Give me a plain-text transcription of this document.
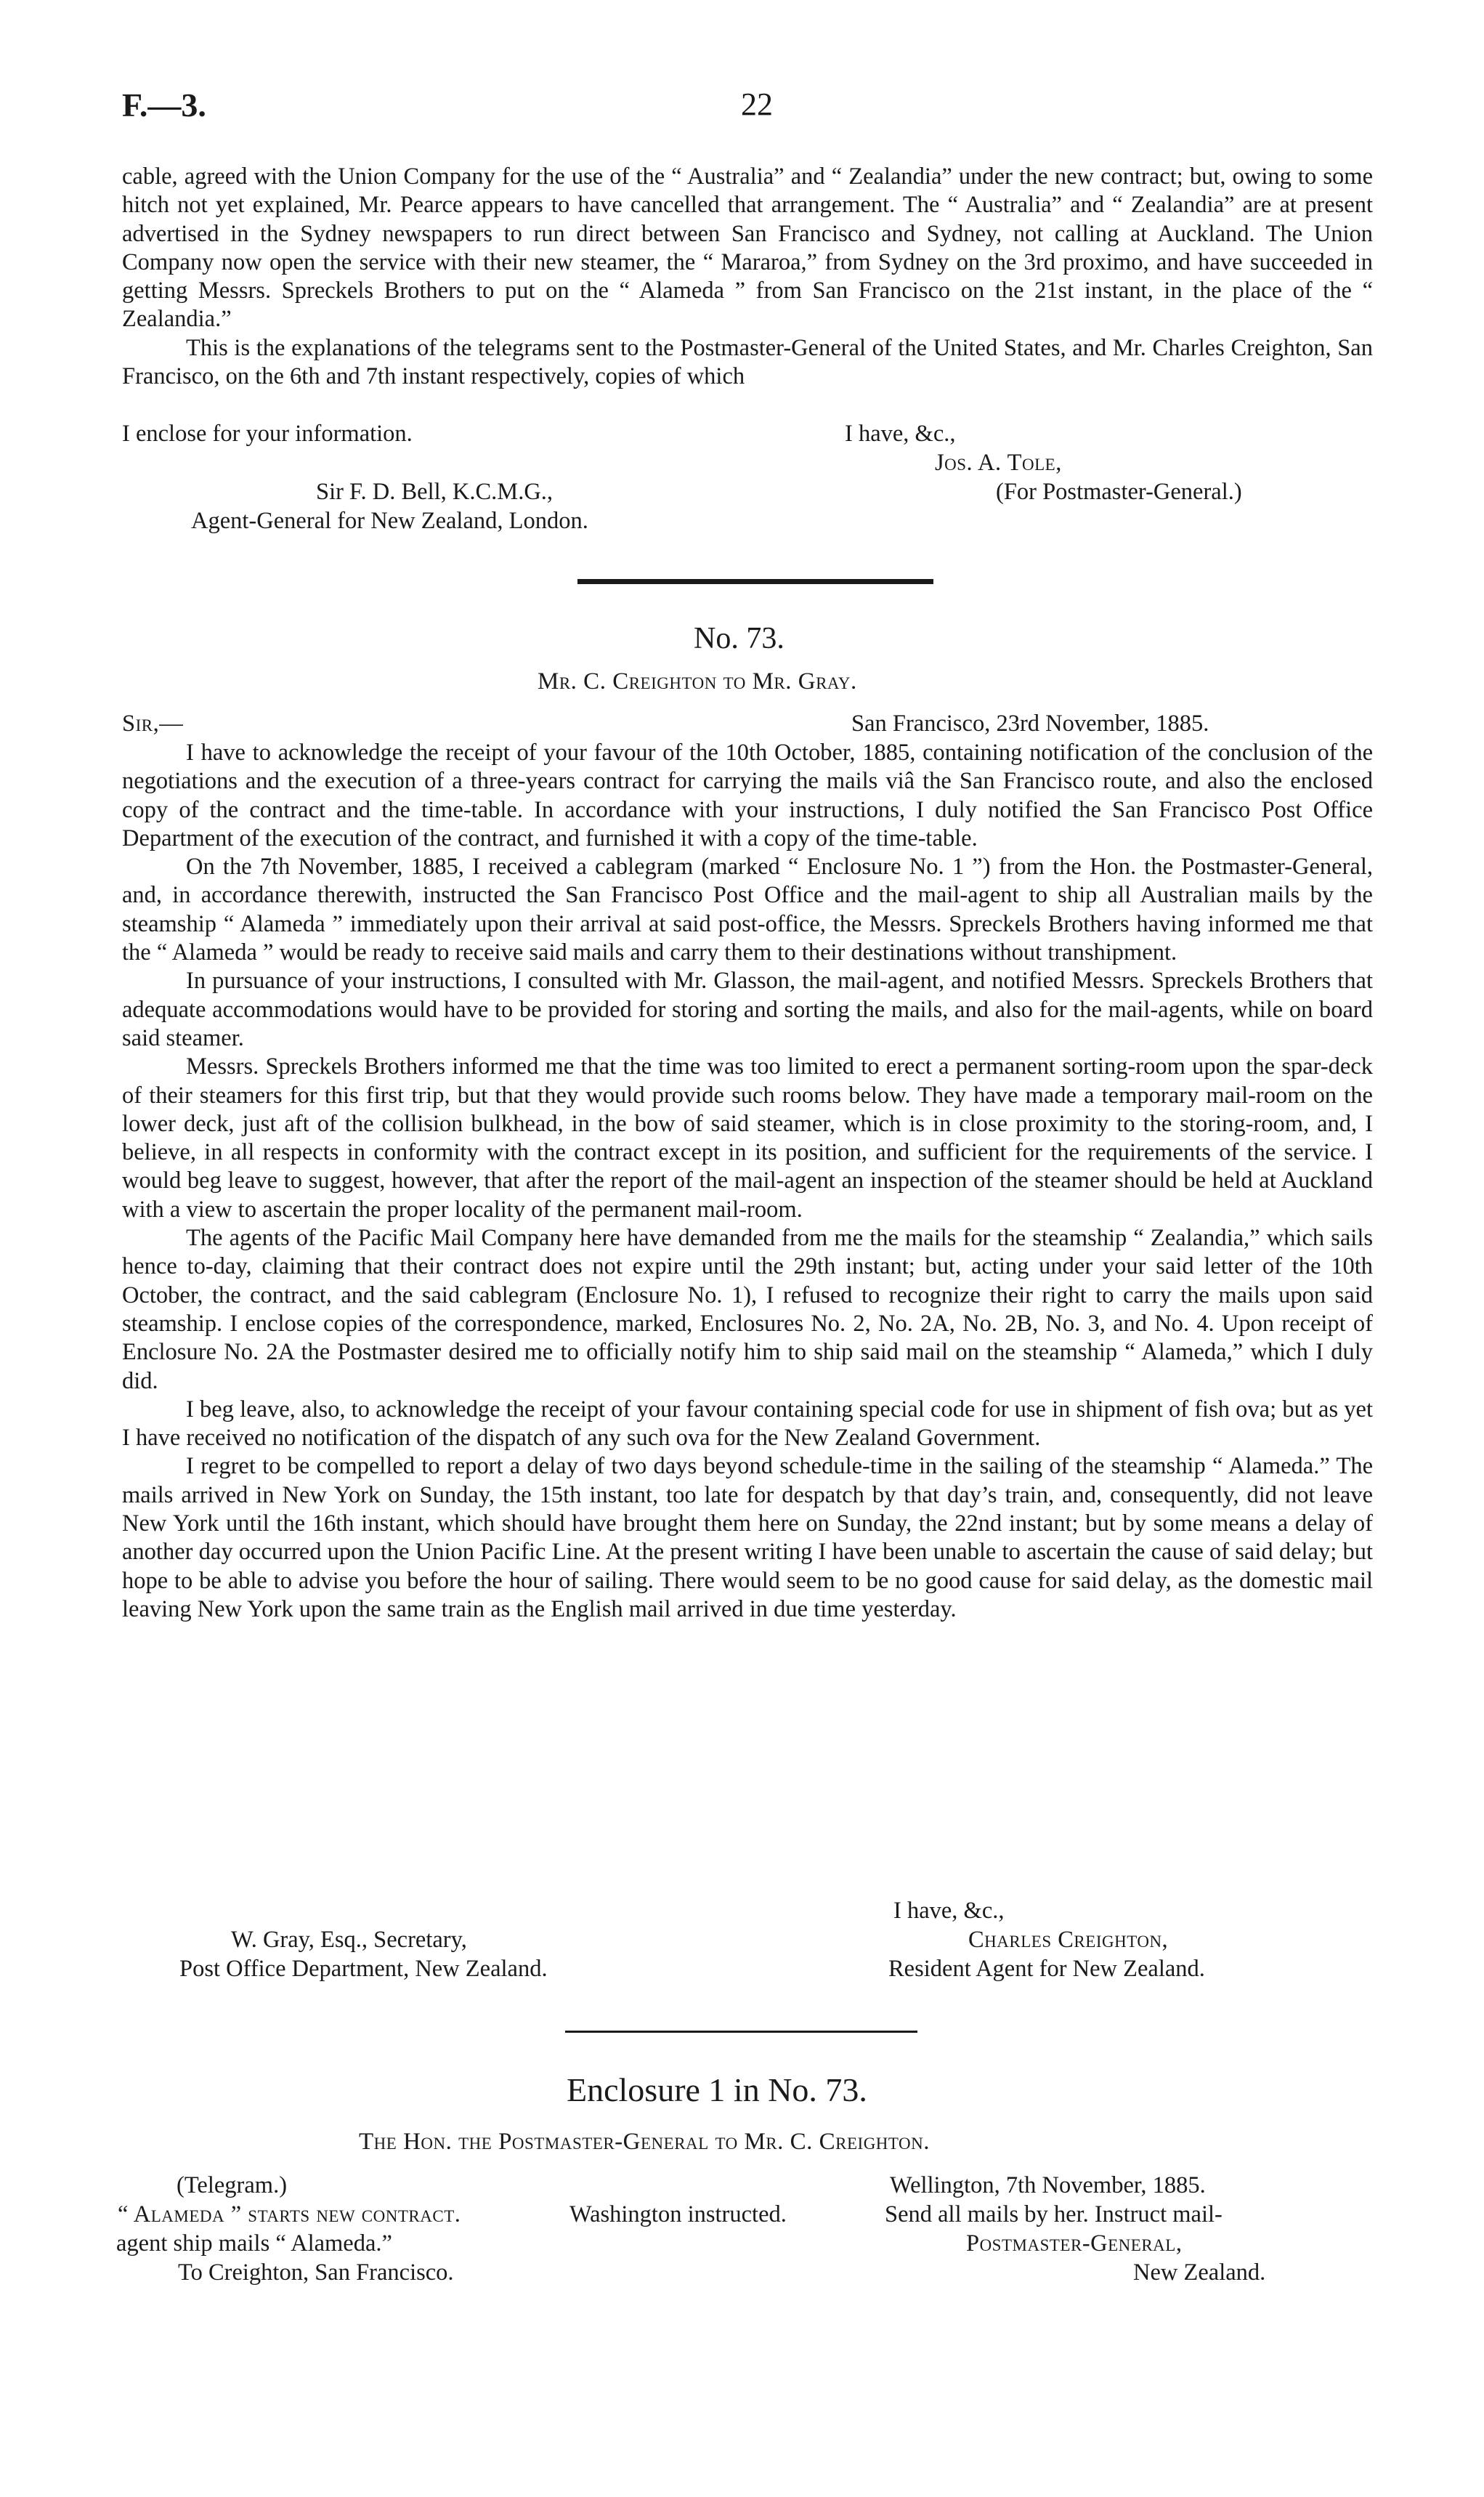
F.—3.	22

cable, agreed with the Union Company for the use of the “ Australia” and “ Zealandia” under the new contract; but, owing to some hitch not yet explained, Mr. Pearce appears to have cancelled that arrangement. The “ Australia” and “ Zealandia” are at present advertised in the Sydney newspapers to run direct between San Francisco and Sydney, not calling at Auckland. The Union Company now open the service with their new steamer, the “ Mararoa,” from Sydney on the 3rd proximo, and have succeeded in getting Messrs. Spreckels Brothers to put on the “ Alameda ” from San Francisco on the 21st instant, in the place of the “ Zealandia.”

This is the explanations of the telegrams sent to the Postmaster-General of the United States, and Mr. Charles Creighton, San Francisco, on the 6th and 7th instant respectively, copies of which

I enclose for your information.	I have, &c.,
Jos. A. Tole,
Sir F. D. Bell, K.C.M.G.,	(For Postmaster-General.)
Agent-General for New Zealand, London.
No. 73.
Mr. C. Creighton to Mr. Gray.
Sir,—	San Francisco, 23rd November, 1885.

I have to acknowledge the receipt of your favour of the 10th October, 1885, containing notification of the conclusion of the negotiations and the execution of a three-years contract for carrying the mails viâ the San Francisco route, and also the enclosed copy of the contract and the time-table. In accordance with your instructions, I duly notified the San Francisco Post Office Department of the execution of the contract, and furnished it with a copy of the time-table.

On the 7th November, 1885, I received a cablegram (marked “ Enclosure No. 1 ”) from the Hon. the Postmaster-General, and, in accordance therewith, instructed the San Francisco Post Office and the mail-agent to ship all Australian mails by the steamship “ Alameda ” immediately upon their arrival at said post-office, the Messrs. Spreckels Brothers having informed me that the “ Alameda ” would be ready to receive said mails and carry them to their destinations without transhipment.

In pursuance of your instructions, I consulted with Mr. Glasson, the mail-agent, and notified Messrs. Spreckels Brothers that adequate accommodations would have to be provided for storing and sorting the mails, and also for the mail-agents, while on board said steamer.

Messrs. Spreckels Brothers informed me that the time was too limited to erect a permanent sorting-room upon the spar-deck of their steamers for this first trip, but that they would provide such rooms below. They have made a temporary mail-room on the lower deck, just aft of the collision bulkhead, in the bow of said steamer, which is in close proximity to the storing-room, and, I believe, in all respects in conformity with the contract except in its position, and sufficient for the requirements of the service. I would beg leave to suggest, however, that after the report of the mail-agent an inspection of the steamer should be held at Auckland with a view to ascertain the proper locality of the permanent mail-room.

The agents of the Pacific Mail Company here have demanded from me the mails for the steamship “ Zealandia,” which sails hence to-day, claiming that their contract does not expire until the 29th instant; but, acting under your said letter of the 10th October, the contract, and the said cablegram (Enclosure No. 1), I refused to recognize their right to carry the mails upon said steamship. I enclose copies of the correspondence, marked, Enclosures No. 2, No. 2A, No. 2B, No. 3, and No. 4. Upon receipt of Enclosure No. 2A the Postmaster desired me to officially notify him to ship said mail on the steamship “ Alameda,” which I duly did.

I beg leave, also, to acknowledge the receipt of your favour containing special code for use in shipment of fish ova; but as yet I have received no notification of the dispatch of any such ova for the New Zealand Government.

I regret to be compelled to report a delay of two days beyond schedule-time in the sailing of the steamship “ Alameda.” The mails arrived in New York on Sunday, the 15th instant, too late for despatch by that day’s train, and, consequently, did not leave New York until the 16th instant, which should have brought them here on Sunday, the 22nd instant; but by some means a delay of another day occurred upon the Union Pacific Line. At the present writing I have been unable to ascertain the cause of said delay; but hope to be able to advise you before the hour of sailing. There would seem to be no good cause for said delay, as the domestic mail leaving New York upon the same train as the English mail arrived in due time yesterday.

I have, &c.,
W. Gray, Esq., Secretary,	Charles Creighton,
Post Office Department, New Zealand.	Resident Agent for New Zealand.
Enclosure 1 in No. 73.
The Hon. the Postmaster-General to Mr. C. Creighton.
(Telegram.)	Wellington, 7th November, 1885.
“ Alameda ” starts new contract.	Washington instructed.	Send all mails by her. Instruct mail-
agent ship mails “ Alameda.”	Postmaster-General,
To Creighton, San Francisco.	New Zealand.
